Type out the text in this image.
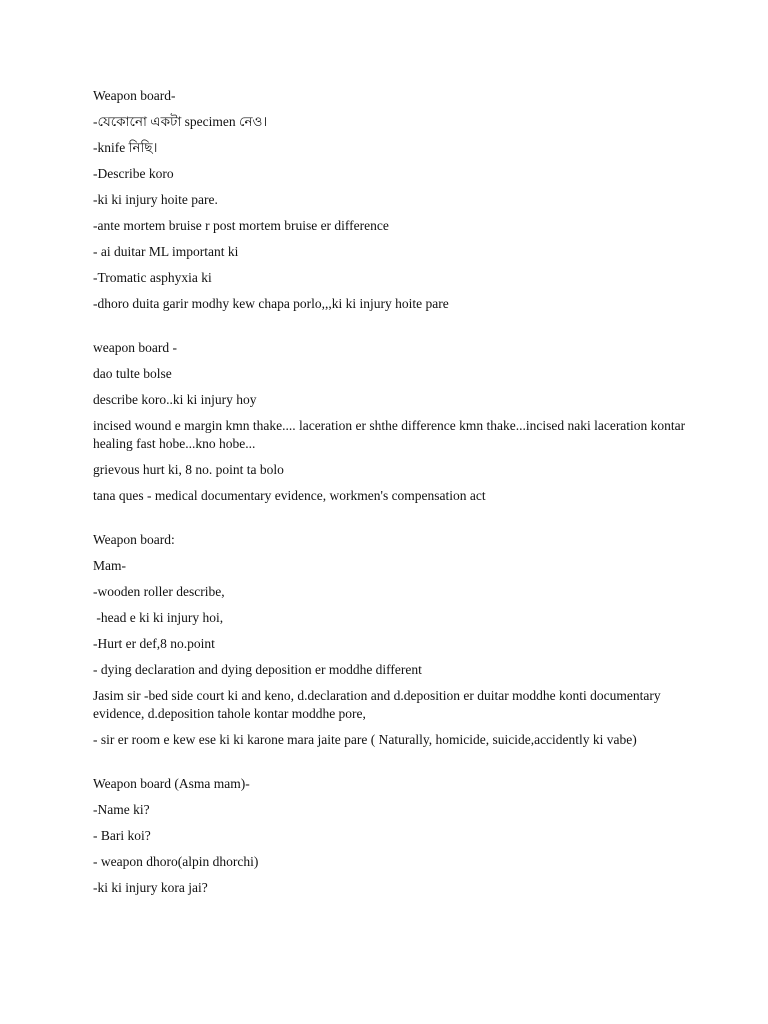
Weapon board-
-যেকোনো একটা specimen নেও।
-knife নিছি।
-Describe koro
-ki ki injury hoite pare.
-ante mortem bruise r post mortem bruise er difference
- ai duitar ML important ki
-Tromatic asphyxia ki
-dhoro duita garir modhy kew chapa porlo,,,ki ki injury hoite pare
weapon board -
dao tulte bolse
describe koro..ki ki injury hoy
incised wound e margin kmn thake.... laceration er shthe difference kmn thake...incised naki laceration kontar healing fast hobe...kno hobe...
grievous hurt ki, 8 no. point ta bolo
tana ques - medical documentary evidence, workmen's compensation act
Weapon board:
Mam-
-wooden roller describe,
-head e ki ki injury hoi,
-Hurt er def,8 no.point
- dying declaration and dying deposition er moddhe different
Jasim sir -bed side court ki and keno, d.declaration and d.deposition er duitar moddhe konti documentary evidence, d.deposition tahole kontar moddhe pore,
- sir er room e kew ese ki ki karone mara jaite pare ( Naturally, homicide, suicide,accidently ki vabe)
Weapon board (Asma mam)-
-Name ki?
- Bari koi?
- weapon dhoro(alpin dhorchi)
-ki ki injury kora jai?
